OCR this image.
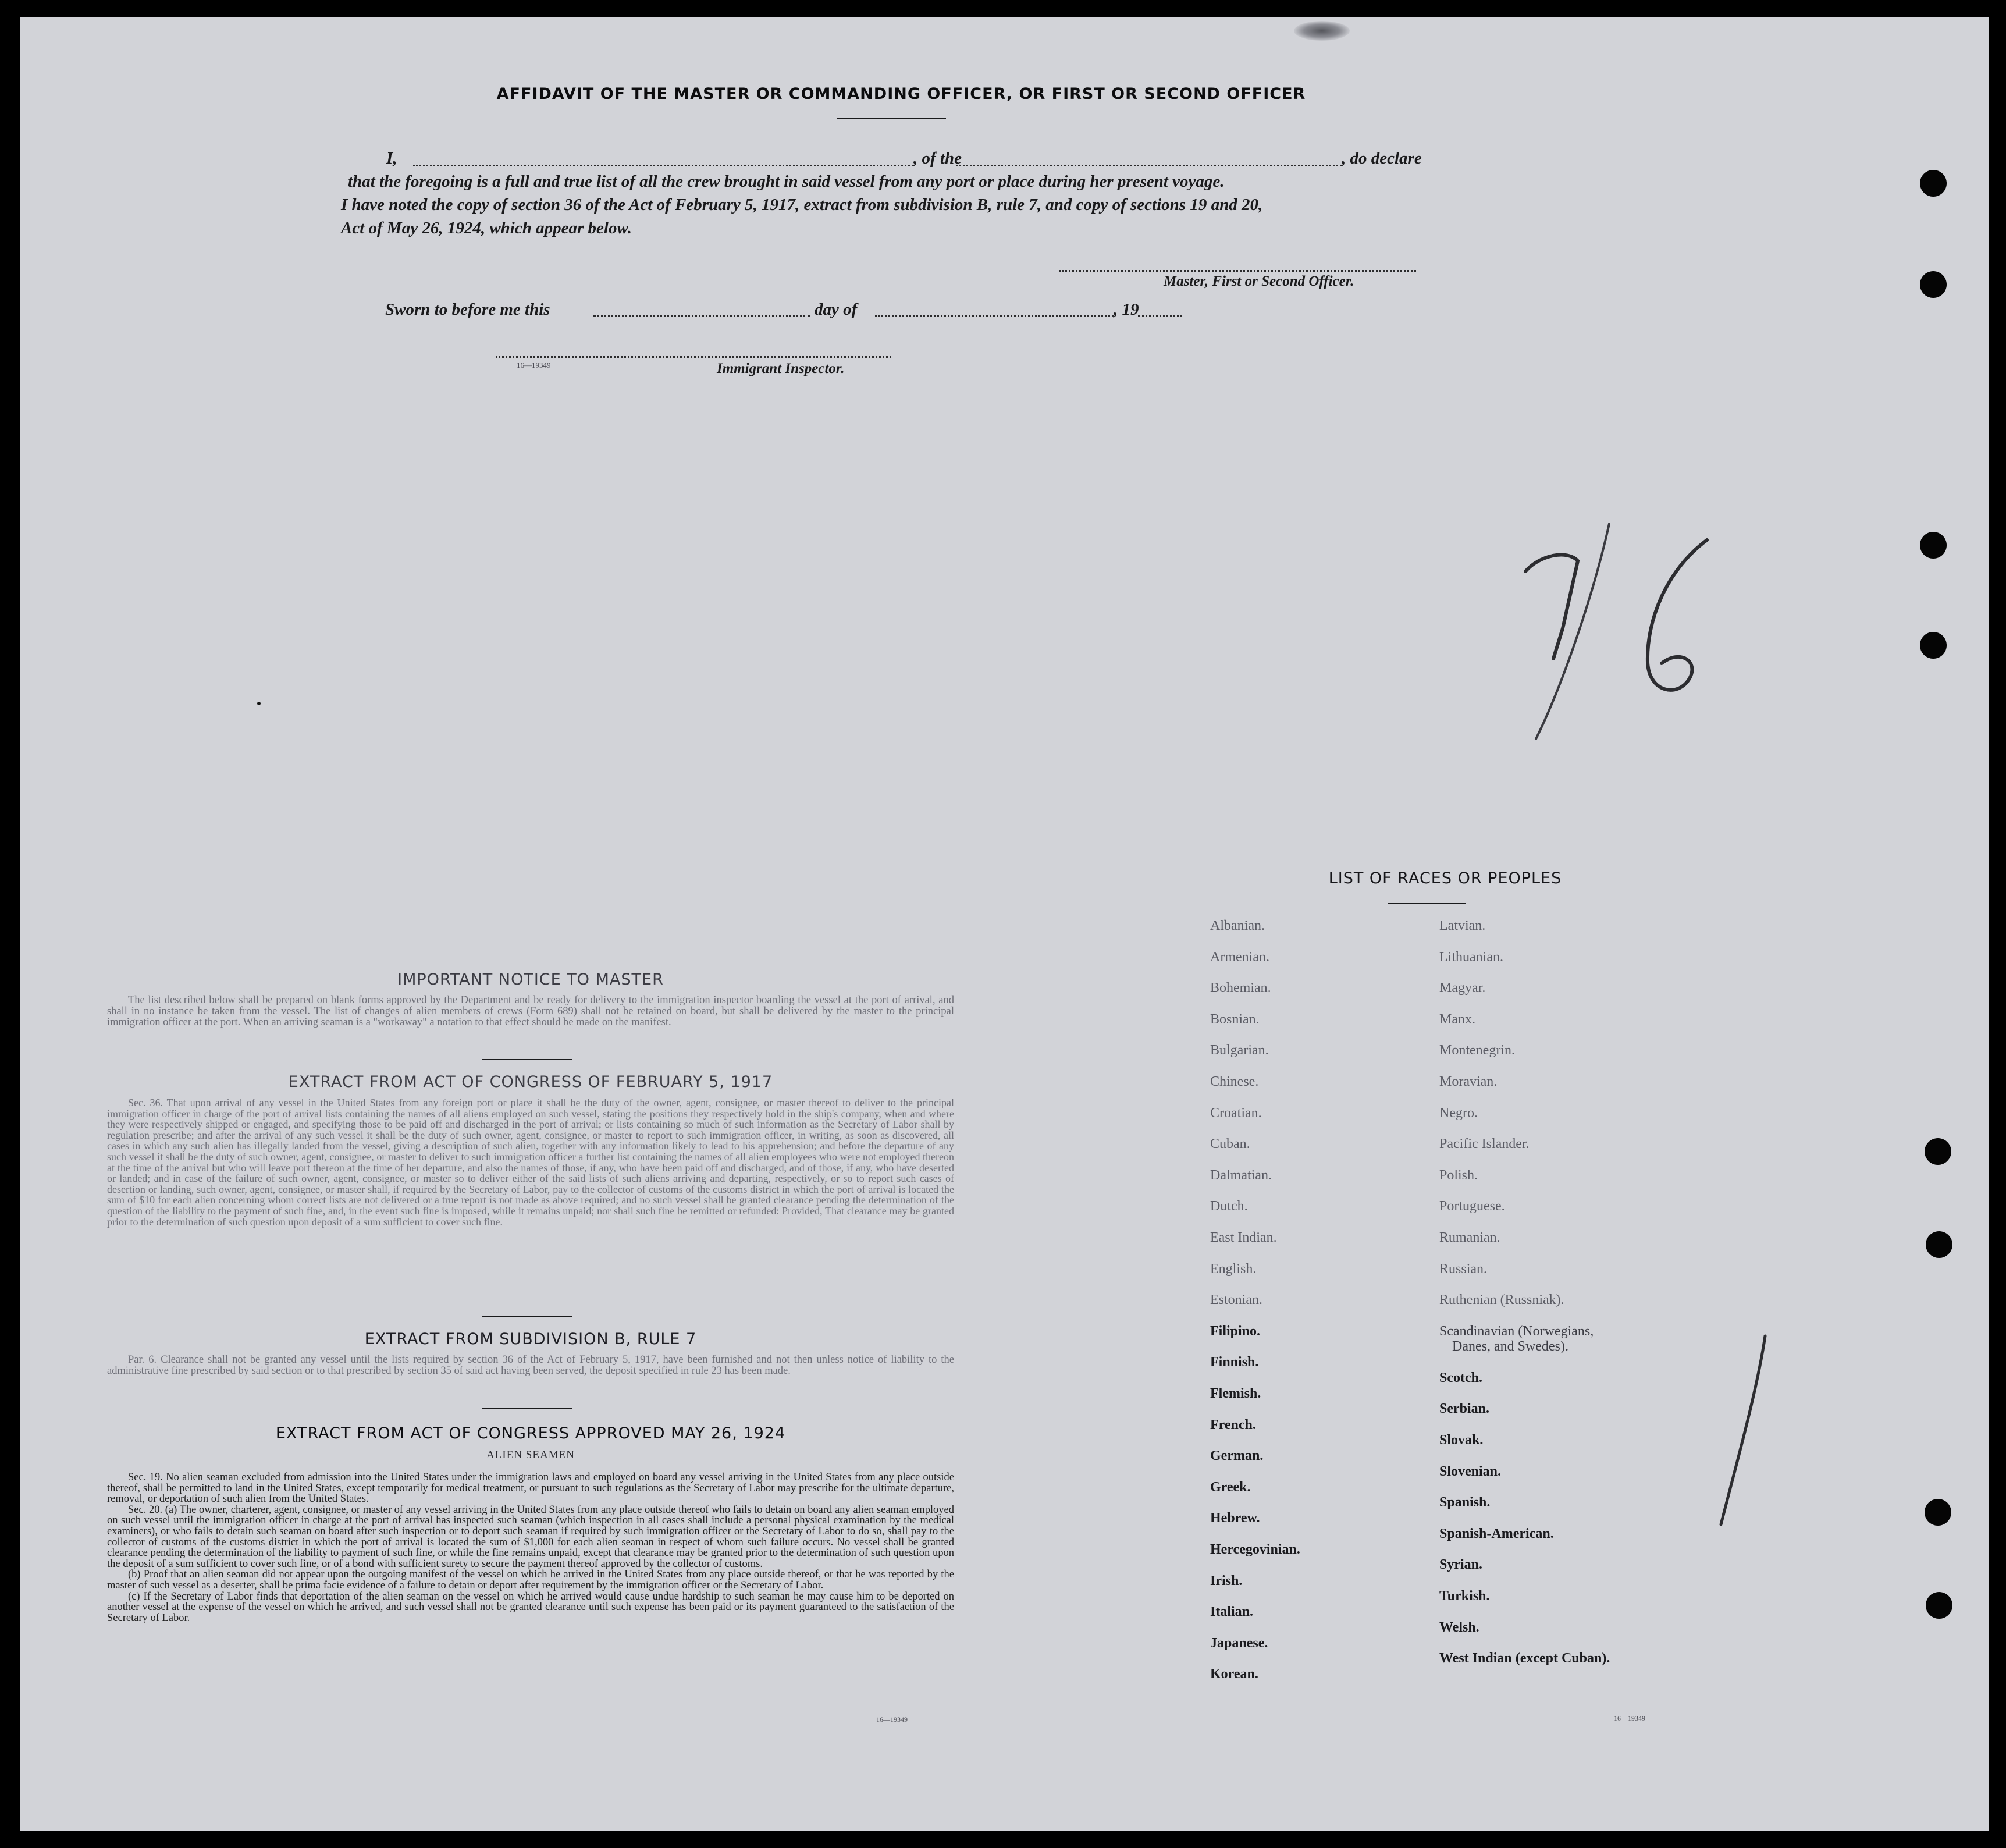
AFFIDAVIT OF THE MASTER OR COMMANDING OFFICER, OR FIRST OR SECOND OFFICER
I,	, of the	, do declare
that the foregoing is a full and true list of all the crew brought in said vessel from any port or place during her present voyage.
I have noted the copy of section 36 of the Act of February 5, 1917, extract from subdivision B, rule 7, and copy of sections 19 and 20,
Act of May 26, 1924, which appear below.
Master, First or Second Officer.
Sworn to before me this	day of	, 19
16—19349	Immigrant Inspector.
IMPORTANT NOTICE TO MASTER
The list described below shall be prepared on blank forms approved by the Department and be ready for delivery to the immigration inspector boarding the vessel at the port of arrival, and shall in no instance be taken from the vessel. The list of changes of alien members of crews (Form 689) shall not be retained on board, but shall be delivered by the master to the principal immigration officer at the port. When an arriving seaman is a "workaway" a notation to that effect should be made on the manifest.
EXTRACT FROM ACT OF CONGRESS OF FEBRUARY 5, 1917
Sec. 36. That upon arrival of any vessel in the United States from any foreign port or place it shall be the duty of the owner, agent, consignee, or master thereof to deliver to the principal immigration officer in charge of the port of arrival lists containing the names of all aliens employed on such vessel, stating the positions they respectively hold in the ship's company, when and where they were respectively shipped or engaged, and specifying those to be paid off and discharged in the port of arrival; or lists containing so much of such information as the Secretary of Labor shall by regulation prescribe; and after the arrival of any such vessel it shall be the duty of such owner, agent, consignee, or master to report to such immigration officer, in writing, as soon as discovered, all cases in which any such alien has illegally landed from the vessel, giving a description of such alien, together with any information likely to lead to his apprehension; and before the departure of any such vessel it shall be the duty of such owner, agent, consignee, or master to deliver to such immigration officer a further list containing the names of all alien employees who were not employed thereon at the time of the arrival but who will leave port thereon at the time of her departure, and also the names of those, if any, who have been paid off and discharged, and of those, if any, who have deserted or landed; and in case of the failure of such owner, agent, consignee, or master so to deliver either of the said lists of such aliens arriving and departing, respectively, or so to report such cases of desertion or landing, such owner, agent, consignee, or master shall, if required by the Secretary of Labor, pay to the collector of customs of the customs district in which the port of arrival is located the sum of $10 for each alien concerning whom correct lists are not delivered or a true report is not made as above required; and no such vessel shall be granted clearance pending the determination of the question of the liability to the payment of such fine, and, in the event such fine is imposed, while it remains unpaid; nor shall such fine be remitted or refunded: Provided, That clearance may be granted prior to the determination of such question upon deposit of a sum sufficient to cover such fine.
EXTRACT FROM SUBDIVISION B, RULE 7
Par. 6. Clearance shall not be granted any vessel until the lists required by section 36 of the Act of February 5, 1917, have been furnished and not then unless notice of liability to the administrative fine prescribed by said section or to that prescribed by section 35 of said act having been served, the deposit specified in rule 23 has been made.
EXTRACT FROM ACT OF CONGRESS APPROVED MAY 26, 1924
ALIEN SEAMEN
Sec. 19. No alien seaman excluded from admission into the United States under the immigration laws and employed on board any vessel arriving in the United States from any place outside thereof, shall be permitted to land in the United States, except temporarily for medical treatment, or pursuant to such regulations as the Secretary of Labor may prescribe for the ultimate departure, removal, or deportation of such alien from the United States.
Sec. 20. (a) The owner, charterer, agent, consignee, or master of any vessel arriving in the United States from any place outside thereof who fails to detain on board any alien seaman employed on such vessel until the immigration officer in charge at the port of arrival has inspected such seaman (which inspection in all cases shall include a personal physical examination by the medical examiners), or who fails to detain such seaman on board after such inspection or to deport such seaman if required by such immigration officer or the Secretary of Labor to do so, shall pay to the collector of customs of the customs district in which the port of arrival is located the sum of $1,000 for each alien seaman in respect of whom such failure occurs. No vessel shall be granted clearance pending the determination of the liability to payment of such fine, or while the fine remains unpaid, except that clearance may be granted prior to the determination of such question upon the deposit of a sum sufficient to cover such fine, or of a bond with sufficient surety to secure the payment thereof approved by the collector of customs.
(b) Proof that an alien seaman did not appear upon the outgoing manifest of the vessel on which he arrived in the United States from any place outside thereof, or that he was reported by the master of such vessel as a deserter, shall be prima facie evidence of a failure to detain or deport after requirement by the immigration officer or the Secretary of Labor.
(c) If the Secretary of Labor finds that deportation of the alien seaman on the vessel on which he arrived would cause undue hardship to such seaman he may cause him to be deported on another vessel at the expense of the vessel on which he arrived, and such vessel shall not be granted clearance until such expense has been paid or its payment guaranteed to the satisfaction of the Secretary of Labor.
16—19349
LIST OF RACES OR PEOPLES
Albanian.
Armenian.
Bohemian.
Bosnian.
Bulgarian.
Chinese.
Croatian.
Cuban.
Dalmatian.
Dutch.
East Indian.
English.
Estonian.
Filipino.
Finnish.
Flemish.
French.
German.
Greek.
Hebrew.
Hercegovinian.
Irish.
Italian.
Japanese.
Korean.
Latvian.
Lithuanian.
Magyar.
Manx.
Montenegrin.
Moravian.
Negro.
Pacific Islander.
Polish.
Portuguese.
Rumanian.
Russian.
Ruthenian (Russniak).
Scandinavian (Norwegians,
Danes, and Swedes).
Scotch.
Serbian.
Slovak.
Slovenian.
Spanish.
Spanish-American.
Syrian.
Turkish.
Welsh.
West Indian (except Cuban).
16—19349
